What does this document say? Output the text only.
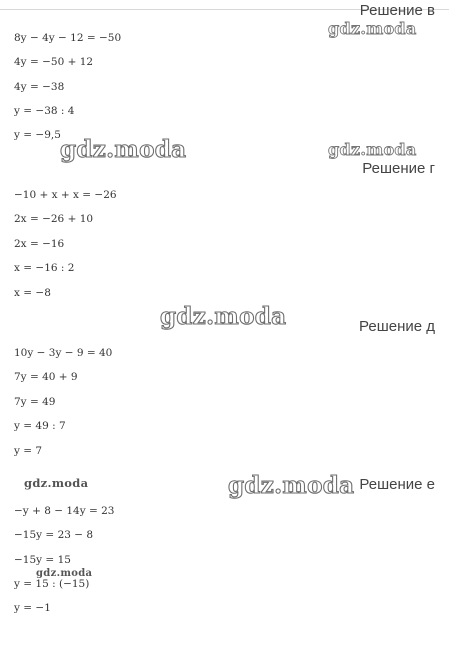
Решение в
8y − 4y − 12 = −50
4y = −50 + 12
4y = −38
y = −38 : 4
y = −9,5
Решение г
−10 + x + x = −26
2x = −26 + 10
2x = −16
x = −16 : 2
x = −8
Решение д
10y − 3y − 9 = 40
7y = 40 + 9
7y = 49
y = 49 : 7
y = 7
Решение е
−y + 8 − 14y = 23
−15y = 23 − 8
−15y = 15
y = 15 : (−15)
y = −1
gdz.moda
gdz.moda	gdz.moda
gdz.moda
gdz.moda	gdz.moda
gdz.moda
